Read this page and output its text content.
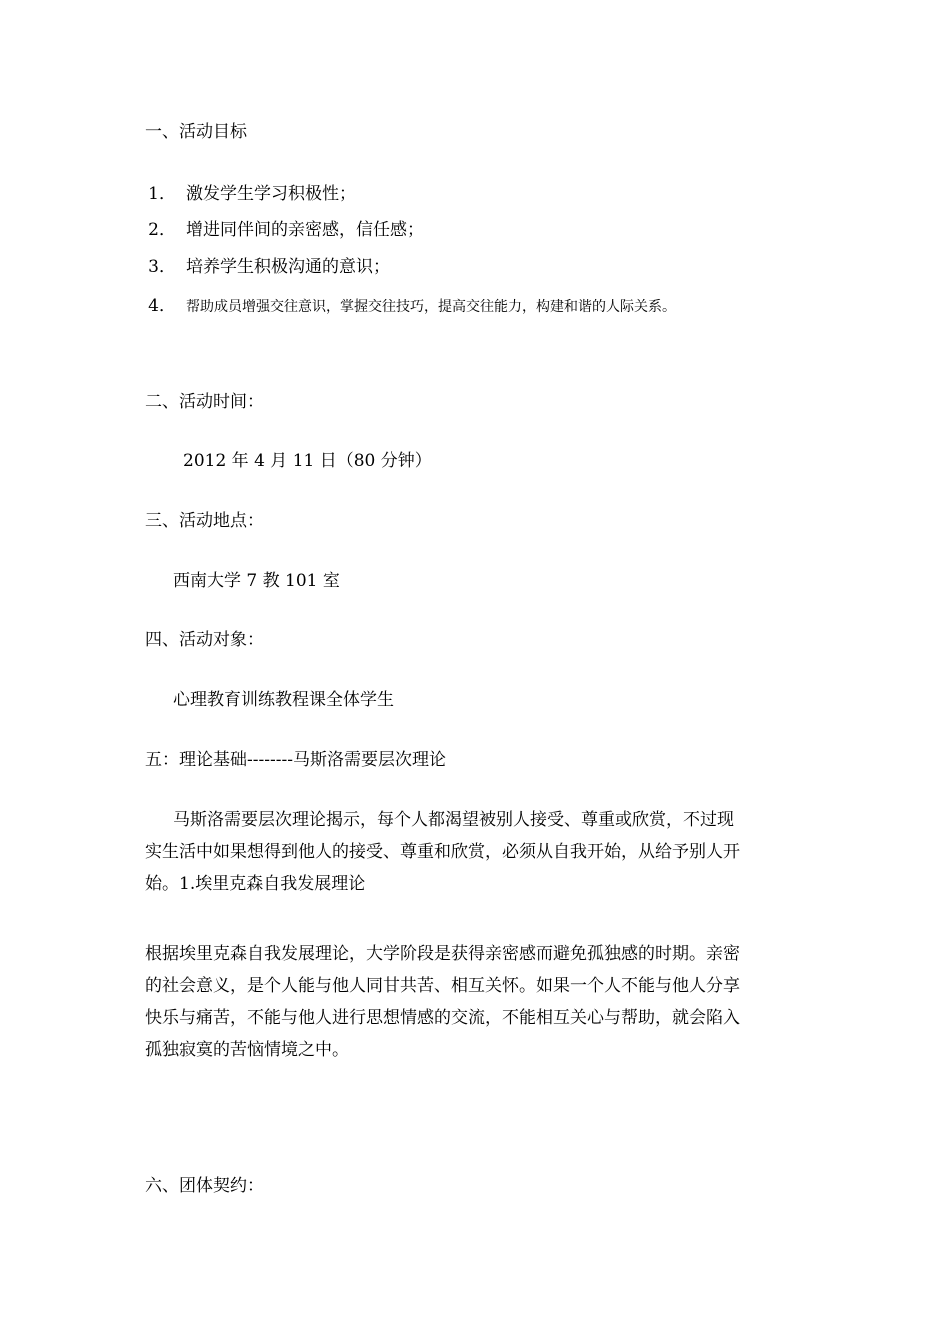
一、活动目标
1． 激发学生学习积极性；
2． 增进同伴间的亲密感，信任感；
3． 培养学生积极沟通的意识；
4． 帮助成员增强交往意识，掌握交往技巧，提高交往能力，构建和谐的人际关系。
二、活动时间：
2012 年 4 月 11 日（80 分钟）
三、活动地点：
西南大学 7 教 101 室
四、活动对象：
心理教育训练教程课全体学生
五：理论基础--------马斯洛需要层次理论
马斯洛需要层次理论揭示，每个人都渴望被别人接受、尊重或欣赏，不过现
实生活中如果想得到他人的接受、尊重和欣赏，必须从自我开始，从给予别人开
始。1.埃里克森自我发展理论
根据埃里克森自我发展理论，大学阶段是获得亲密感而避免孤独感的时期。亲密
的社会意义，是个人能与他人同甘共苦、相互关怀。如果一个人不能与他人分享
快乐与痛苦，不能与他人进行思想情感的交流，不能相互关心与帮助，就会陷入
孤独寂寞的苦恼情境之中。
六、团体契约：
